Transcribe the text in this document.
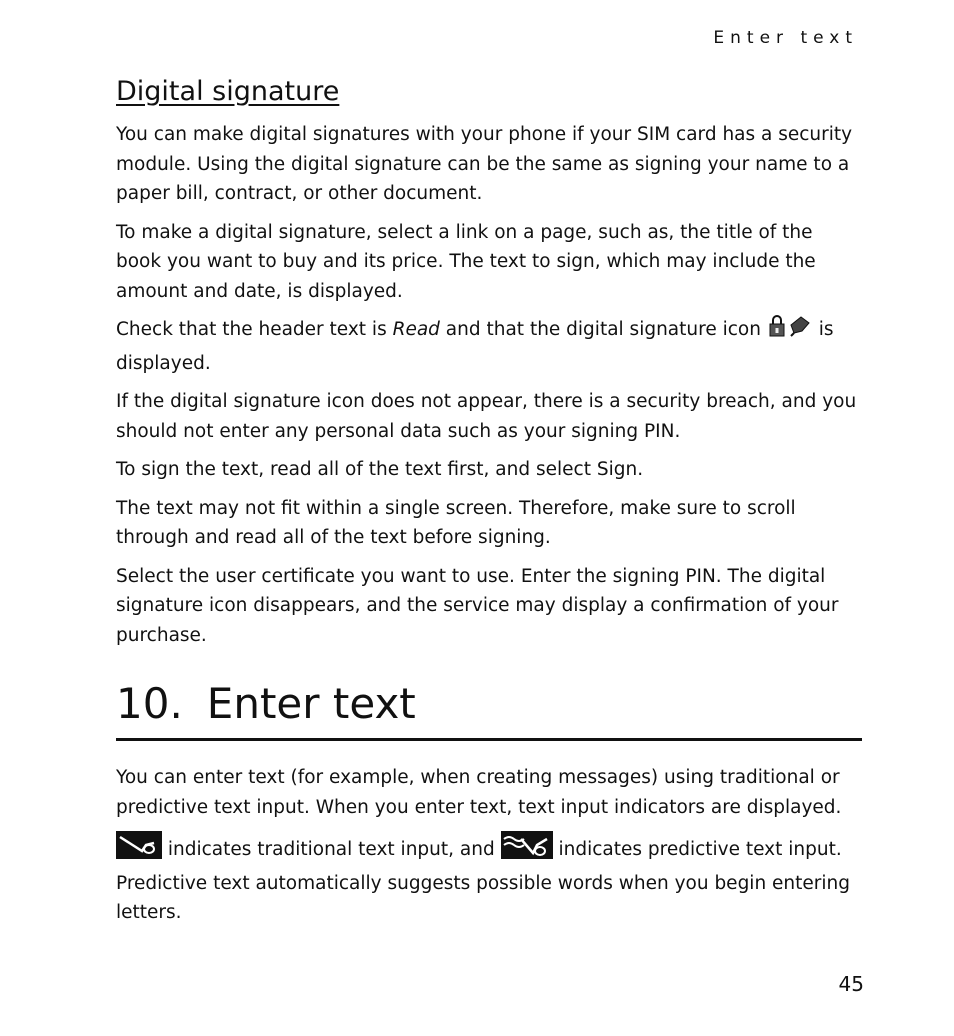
Enter text
Digital signature

You can make digital signatures with your phone if your SIM card has a security module. Using the digital signature can be the same as signing your name to a paper bill, contract, or other document.

To make a digital signature, select a link on a page, such as, the title of the book you want to buy and its price. The text to sign, which may include the amount and date, is displayed.

Check that the header text is Read and that the digital signature icon  is displayed.

If the digital signature icon does not appear, there is a security breach, and you should not enter any personal data such as your signing PIN.

To sign the text, read all of the text first, and select Sign.

The text may not fit within a single screen. Therefore, make sure to scroll through and read all of the text before signing.

Select the user certificate you want to use. Enter the signing PIN. The digital signature icon disappears, and the service may display a confirmation of your purchase.

10. Enter text

You can enter text (for example, when creating messages) using traditional or predictive text input. When you enter text, text input indicators are displayed.

indicates traditional text input, and	indicates predictive text input. Predictive text automatically suggests possible words when you begin entering letters.

45
